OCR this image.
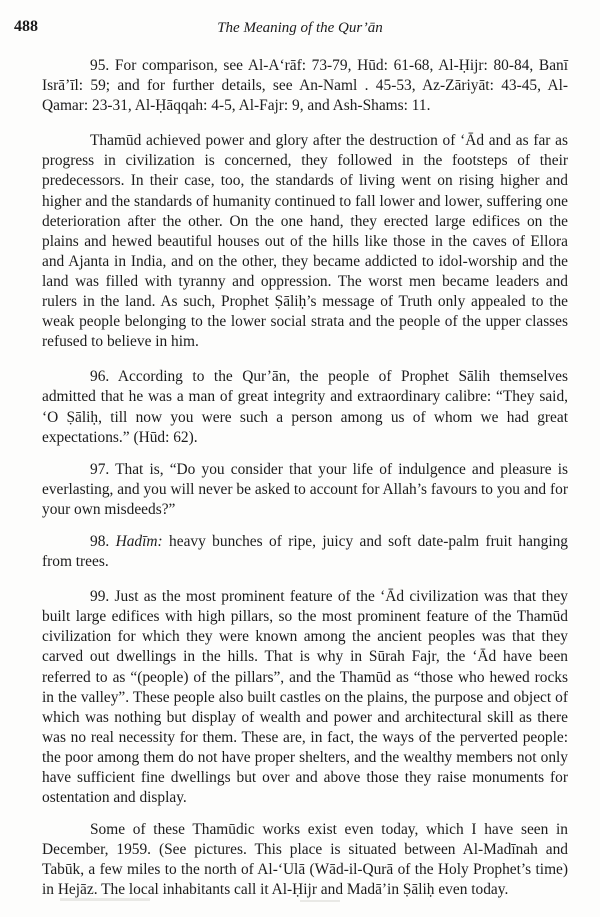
488	The Meaning of the Qur’ān

95. For comparison, see Al-A‘rāf: 73-79, Hūd: 61-68, Al-Ḥijr: 80-84, Banī Isrā’īl: 59; and for further details, see An-Naml . 45-53, Az-Zāriyāt: 43-45, Al-Qamar: 23-31, Al-Ḥāqqah: 4-5, Al-Fajr: 9, and Ash-Shams: 11.

Thamūd achieved power and glory after the destruction of ‘Ād and as far as progress in civilization is concerned, they followed in the footsteps of their predecessors. In their case, too, the standards of living went on rising higher and higher and the standards of humanity continued to fall lower and lower, suffering one deterioration after the other. On the one hand, they erected large edifices on the plains and hewed beautiful houses out of the hills like those in the caves of Ellora and Ajanta in India, and on the other, they became addicted to idol-worship and the land was filled with tyranny and oppression. The worst men became leaders and rulers in the land. As such, Prophet Ṣāliḥ’s message of Truth only appealed to the weak people belonging to the lower social strata and the people of the upper classes refused to believe in him.

96. According to the Qur’ān, the people of Prophet Sālih themselves admitted that he was a man of great integrity and extraordinary calibre: “They said, ‘O Ṣāliḥ, till now you were such a person among us of whom we had great expectations.” (Hūd: 62).

97. That is, “Do you consider that your life of indulgence and pleasure is everlasting, and you will never be asked to account for Allah’s favours to you and for your own misdeeds?”

98. Hadīm: heavy bunches of ripe, juicy and soft date-palm fruit hanging from trees.

99. Just as the most prominent feature of the ‘Ād civilization was that they built large edifices with high pillars, so the most prominent feature of the Thamūd civilization for which they were known among the ancient peoples was that they carved out dwellings in the hills. That is why in Sūrah Fajr, the ‘Ād have been referred to as “(people) of the pillars”, and the Thamūd as “those who hewed rocks in the valley”. These people also built castles on the plains, the purpose and object of which was nothing but display of wealth and power and architectural skill as there was no real necessity for them. These are, in fact, the ways of the perverted people: the poor among them do not have proper shelters, and the wealthy members not only have sufficient fine dwellings but over and above those they raise monuments for ostentation and display.

Some of these Thamūdic works exist even today, which I have seen in December, 1959. (See pictures. This place is situated between Al-Madīnah and Tabūk, a few miles to the north of Al-‘Ulā (Wād-il-Qurā of the Holy Prophet’s time) in Hejāz. The local inhabitants call it Al-Ḥijr and Madā’in Ṣāliḥ even today.
